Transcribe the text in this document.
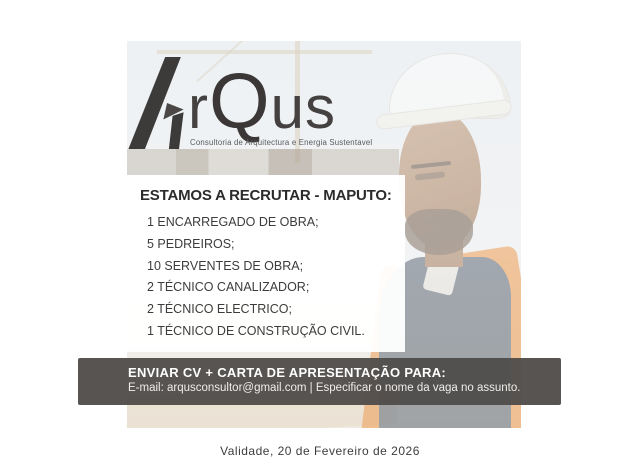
ESTAMOS A RECRUTAR - MAPUTO:
1 ENCARREGADO DE OBRA;
5 PEDREIROS;
10 SERVENTES DE OBRA;
2 TÉCNICO CANALIZADOR;
2 TÉCNICO ELECTRICO;
1 TÉCNICO DE CONSTRUÇÃO CIVIL.
rQus
Consultoria de Arquitectura e Energia Sustentavel
ENVIAR CV + CARTA DE APRESENTAÇÃO PARA:
E-mail: arqusconsultor@gmail.com | Especificar o nome da vaga no assunto.
Validade, 20 de Fevereiro de 2026
